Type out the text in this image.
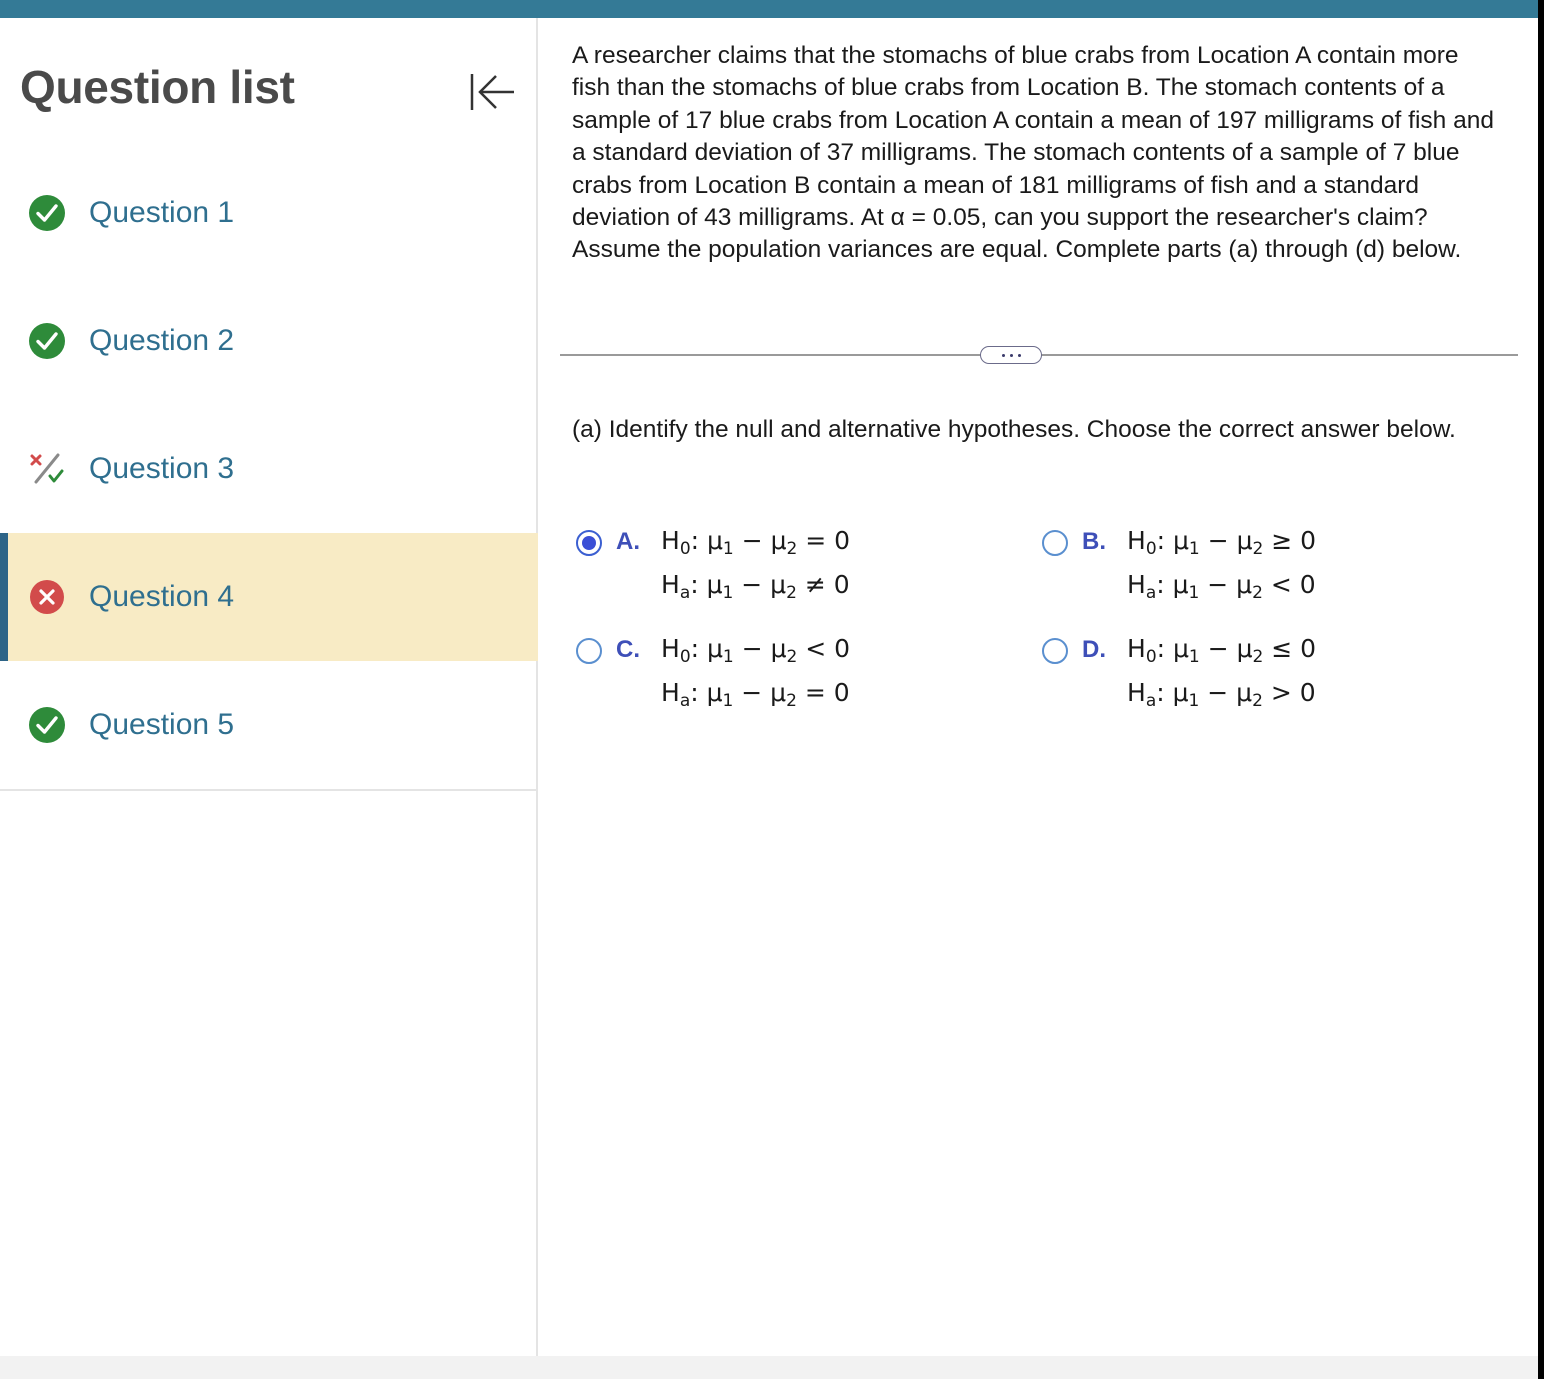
Question list
Question 1
Question 2
Question 3
Question 4
Question 5
A researcher claims that the stomachs of blue crabs from Location A contain more fish than the stomachs of blue crabs from Location B. The stomach contents of a sample of 17 blue crabs from Location A contain a mean of 197 milligrams of fish and a standard deviation of 37 milligrams. The stomach contents of a sample of 7 blue crabs from Location B contain a mean of 181 milligrams of fish and a standard deviation of 43 milligrams. At α = 0.05, can you support the researcher's claim? Assume the population variances are equal. Complete parts (a) through (d) below.
(a) Identify the null and alternative hypotheses. Choose the correct answer below.
A. $H_0$: $\mu_1 - \mu_2 = 0$
$H_a$: $\mu_1 - \mu_2 \ne 0$
B. $H_0$: $\mu_1 - \mu_2 \ge 0$
$H_a$: $\mu_1 - \mu_2 < 0$
C. $H_0$: $\mu_1 - \mu_2 < 0$
$H_a$: $\mu_1 - \mu_2 = 0$
D. $H_0$: $\mu_1 - \mu_2 \le 0$
$H_a$: $\mu_1 - \mu_2 > 0$
